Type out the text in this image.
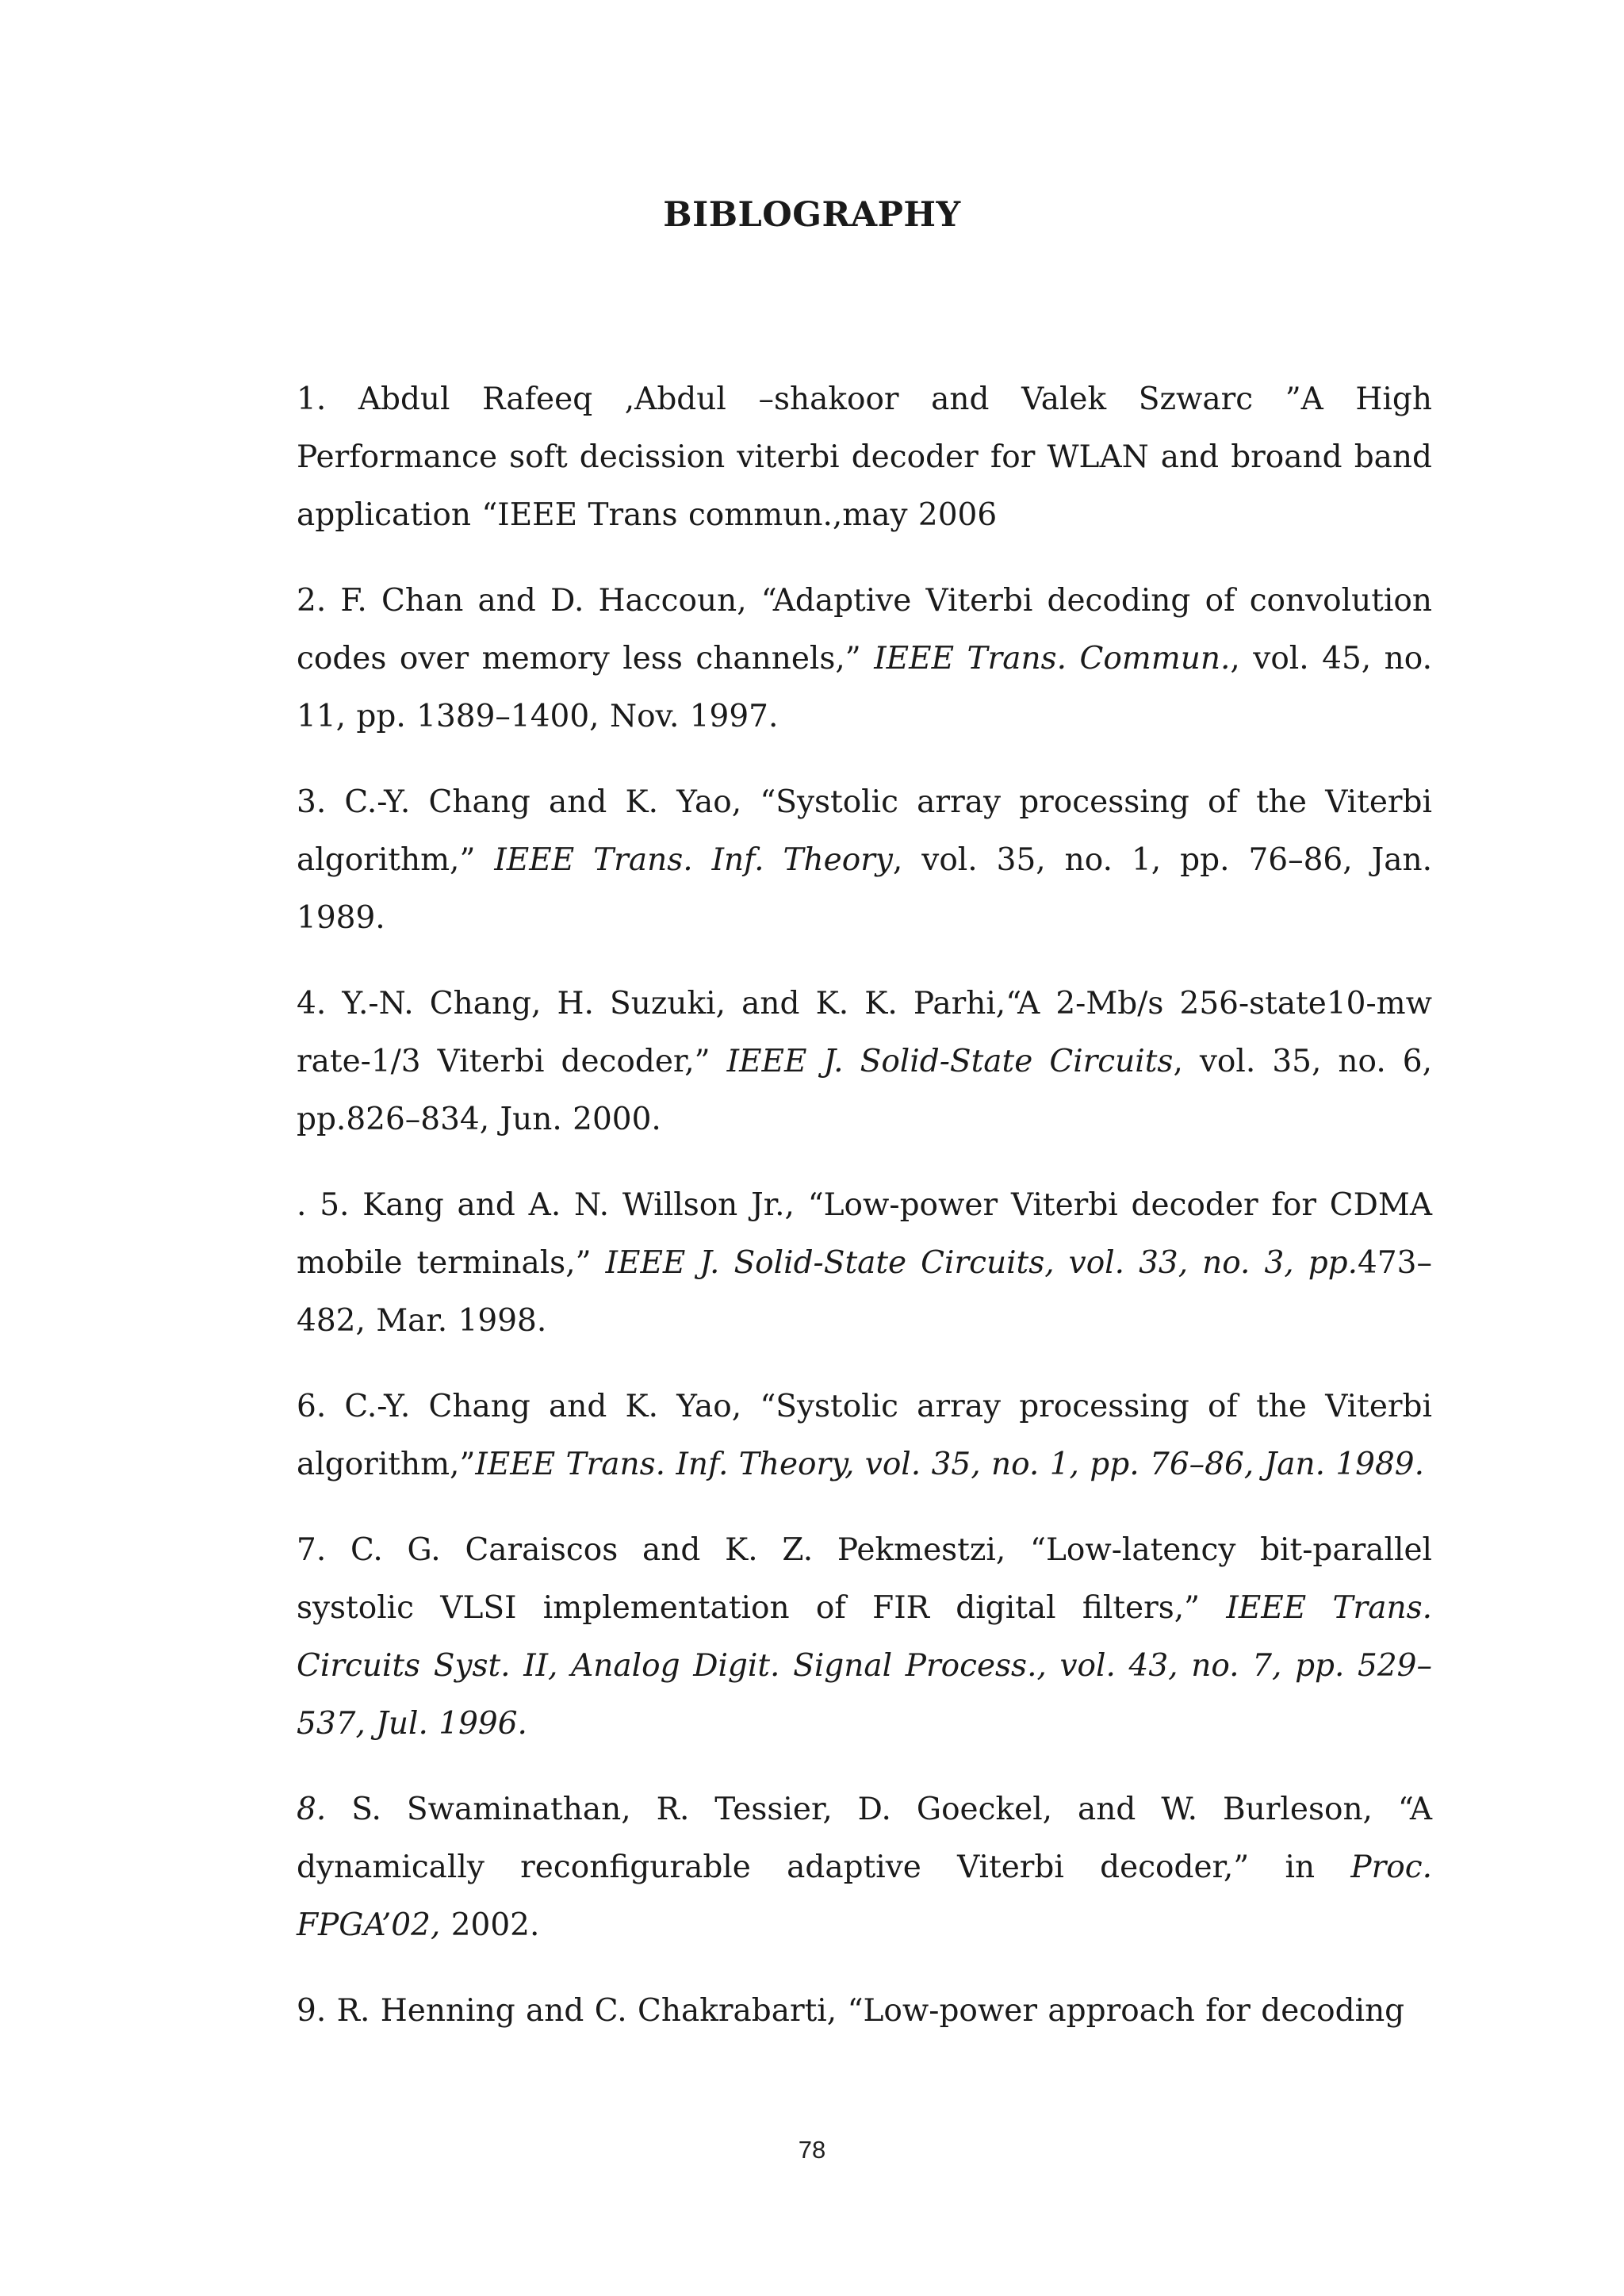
BIBLOGRAPHY
1. Abdul Rafeeq ,Abdul –shakoor and Valek Szwarc ”A High Performance soft decission viterbi decoder for WLAN and broand band application “IEEE Trans commun.,may 2006
2. F. Chan and D. Haccoun, “Adaptive Viterbi decoding of convolution codes over memory less channels,” IEEE Trans. Commun., vol. 45, no. 11, pp. 1389–1400, Nov. 1997.
3. C.-Y. Chang and K. Yao, “Systolic array processing of the Viterbi algorithm,” IEEE Trans. Inf. Theory, vol. 35, no. 1, pp. 76–86, Jan. 1989.
4. Y.-N. Chang, H. Suzuki, and K. K. Parhi,“A 2-Mb/s 256-state10-mw rate-1/3 Viterbi decoder,” IEEE J. Solid-State Circuits, vol. 35, no. 6, pp.826–834, Jun. 2000.
. 5. Kang and A. N. Willson Jr., “Low-power Viterbi decoder for CDMA mobile terminals,” IEEE J. Solid-State Circuits, vol. 33, no. 3, pp.473–482, Mar. 1998.
6. C.-Y. Chang and K. Yao, “Systolic array processing of the Viterbi algorithm,”IEEE Trans. Inf. Theory, vol. 35, no. 1, pp. 76–86, Jan. 1989.
7. C. G. Caraiscos and K. Z. Pekmestzi, “Low-latency bit-parallel systolic VLSI implementation of FIR digital filters,” IEEE Trans. Circuits Syst. II, Analog Digit. Signal Process., vol. 43, no. 7, pp. 529–537, Jul. 1996.
8. S. Swaminathan, R. Tessier, D. Goeckel, and W. Burleson, “A dynamically reconfigurable adaptive Viterbi decoder,” in Proc. FPGA’02, 2002.
9. R. Henning and C. Chakrabarti, “Low-power approach for decoding
78
